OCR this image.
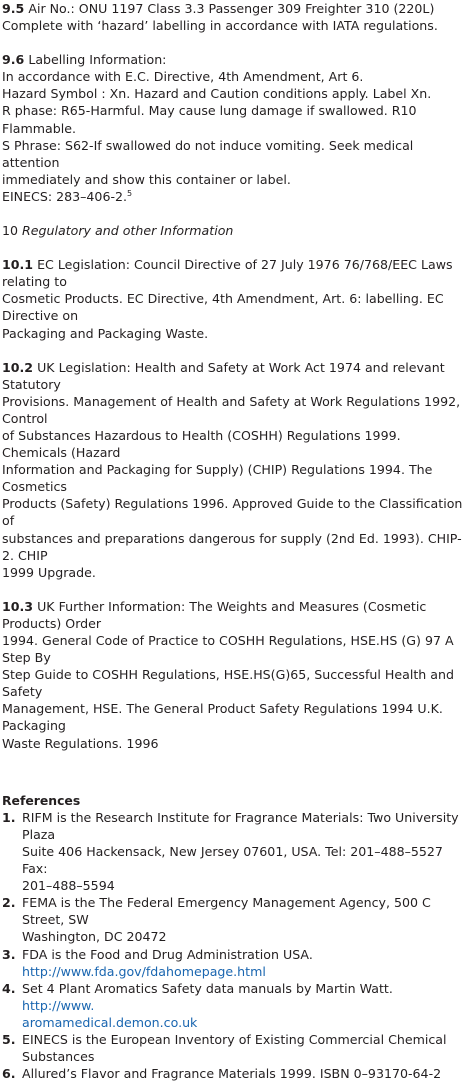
9.5 Air No.: ONU 1197 Class 3.3 Passenger 309 Freighter 310 (220L)

Complete with ‘hazard’ labelling in accordance with IATA regulations.

9.6 Labelling Information:

In accordance with E.C. Directive, 4th Amendment, Art 6.

Hazard Symbol : Xn. Hazard and Caution conditions apply. Label Xn.

R phase: R65-Harmful. May cause lung damage if swallowed. R10 Flammable.

S Phrase: S62-If swallowed do not induce vomiting. Seek medical attention

immediately and show this container or label.

EINECS: 283–406-2.$^5$

10 Regulatory and other Information

10.1 EC Legislation: Council Directive of 27 July 1976 76/768/EEC Laws relating to

Cosmetic Products. EC Directive, 4th Amendment, Art. 6: labelling. EC Directive on

Packaging and Packaging Waste.

10.2 UK Legislation: Health and Safety at Work Act 1974 and relevant Statutory

Provisions. Management of Health and Safety at Work Regulations 1992, Control

of Substances Hazardous to Health (COSHH) Regulations 1999. Chemicals (Hazard

Information and Packaging for Supply) (CHIP) Regulations 1994. The Cosmetics

Products (Safety) Regulations 1996. Approved Guide to the Classification of

substances and preparations dangerous for supply (2nd Ed. 1993). CHIP-2. CHIP

1999 Upgrade.

10.3 UK Further Information: The Weights and Measures (Cosmetic Products) Order

1994. General Code of Practice to COSHH Regulations, HSE.HS (G) 97 A Step By

Step Guide to COSHH Regulations, HSE.HS(G)65, Successful Health and Safety

Management, HSE. The General Product Safety Regulations 1994 U.K. Packaging

Waste Regulations. 1996

References

1. RIFM is the Research Institute for Fragrance Materials: Two University Plaza

Suite 406 Hackensack, New Jersey 07601, USA. Tel: 201–488–5527 Fax:

201–488–5594

2. FEMA is the The Federal Emergency Management Agency, 500 C Street, SW

Washington, DC 20472

3. FDA is the Food and Drug Administration USA.

http://www.fda.gov/fdahomepage.html

4. Set 4 Plant Aromatics Safety data manuals by Martin Watt. http://www.

aromamedical.demon.co.uk

5. EINECS is the European Inventory of Existing Commercial Chemical Substances

6. Allured’s Flavor and Fragrance Materials 1999. ISBN 0–93170-64-2
